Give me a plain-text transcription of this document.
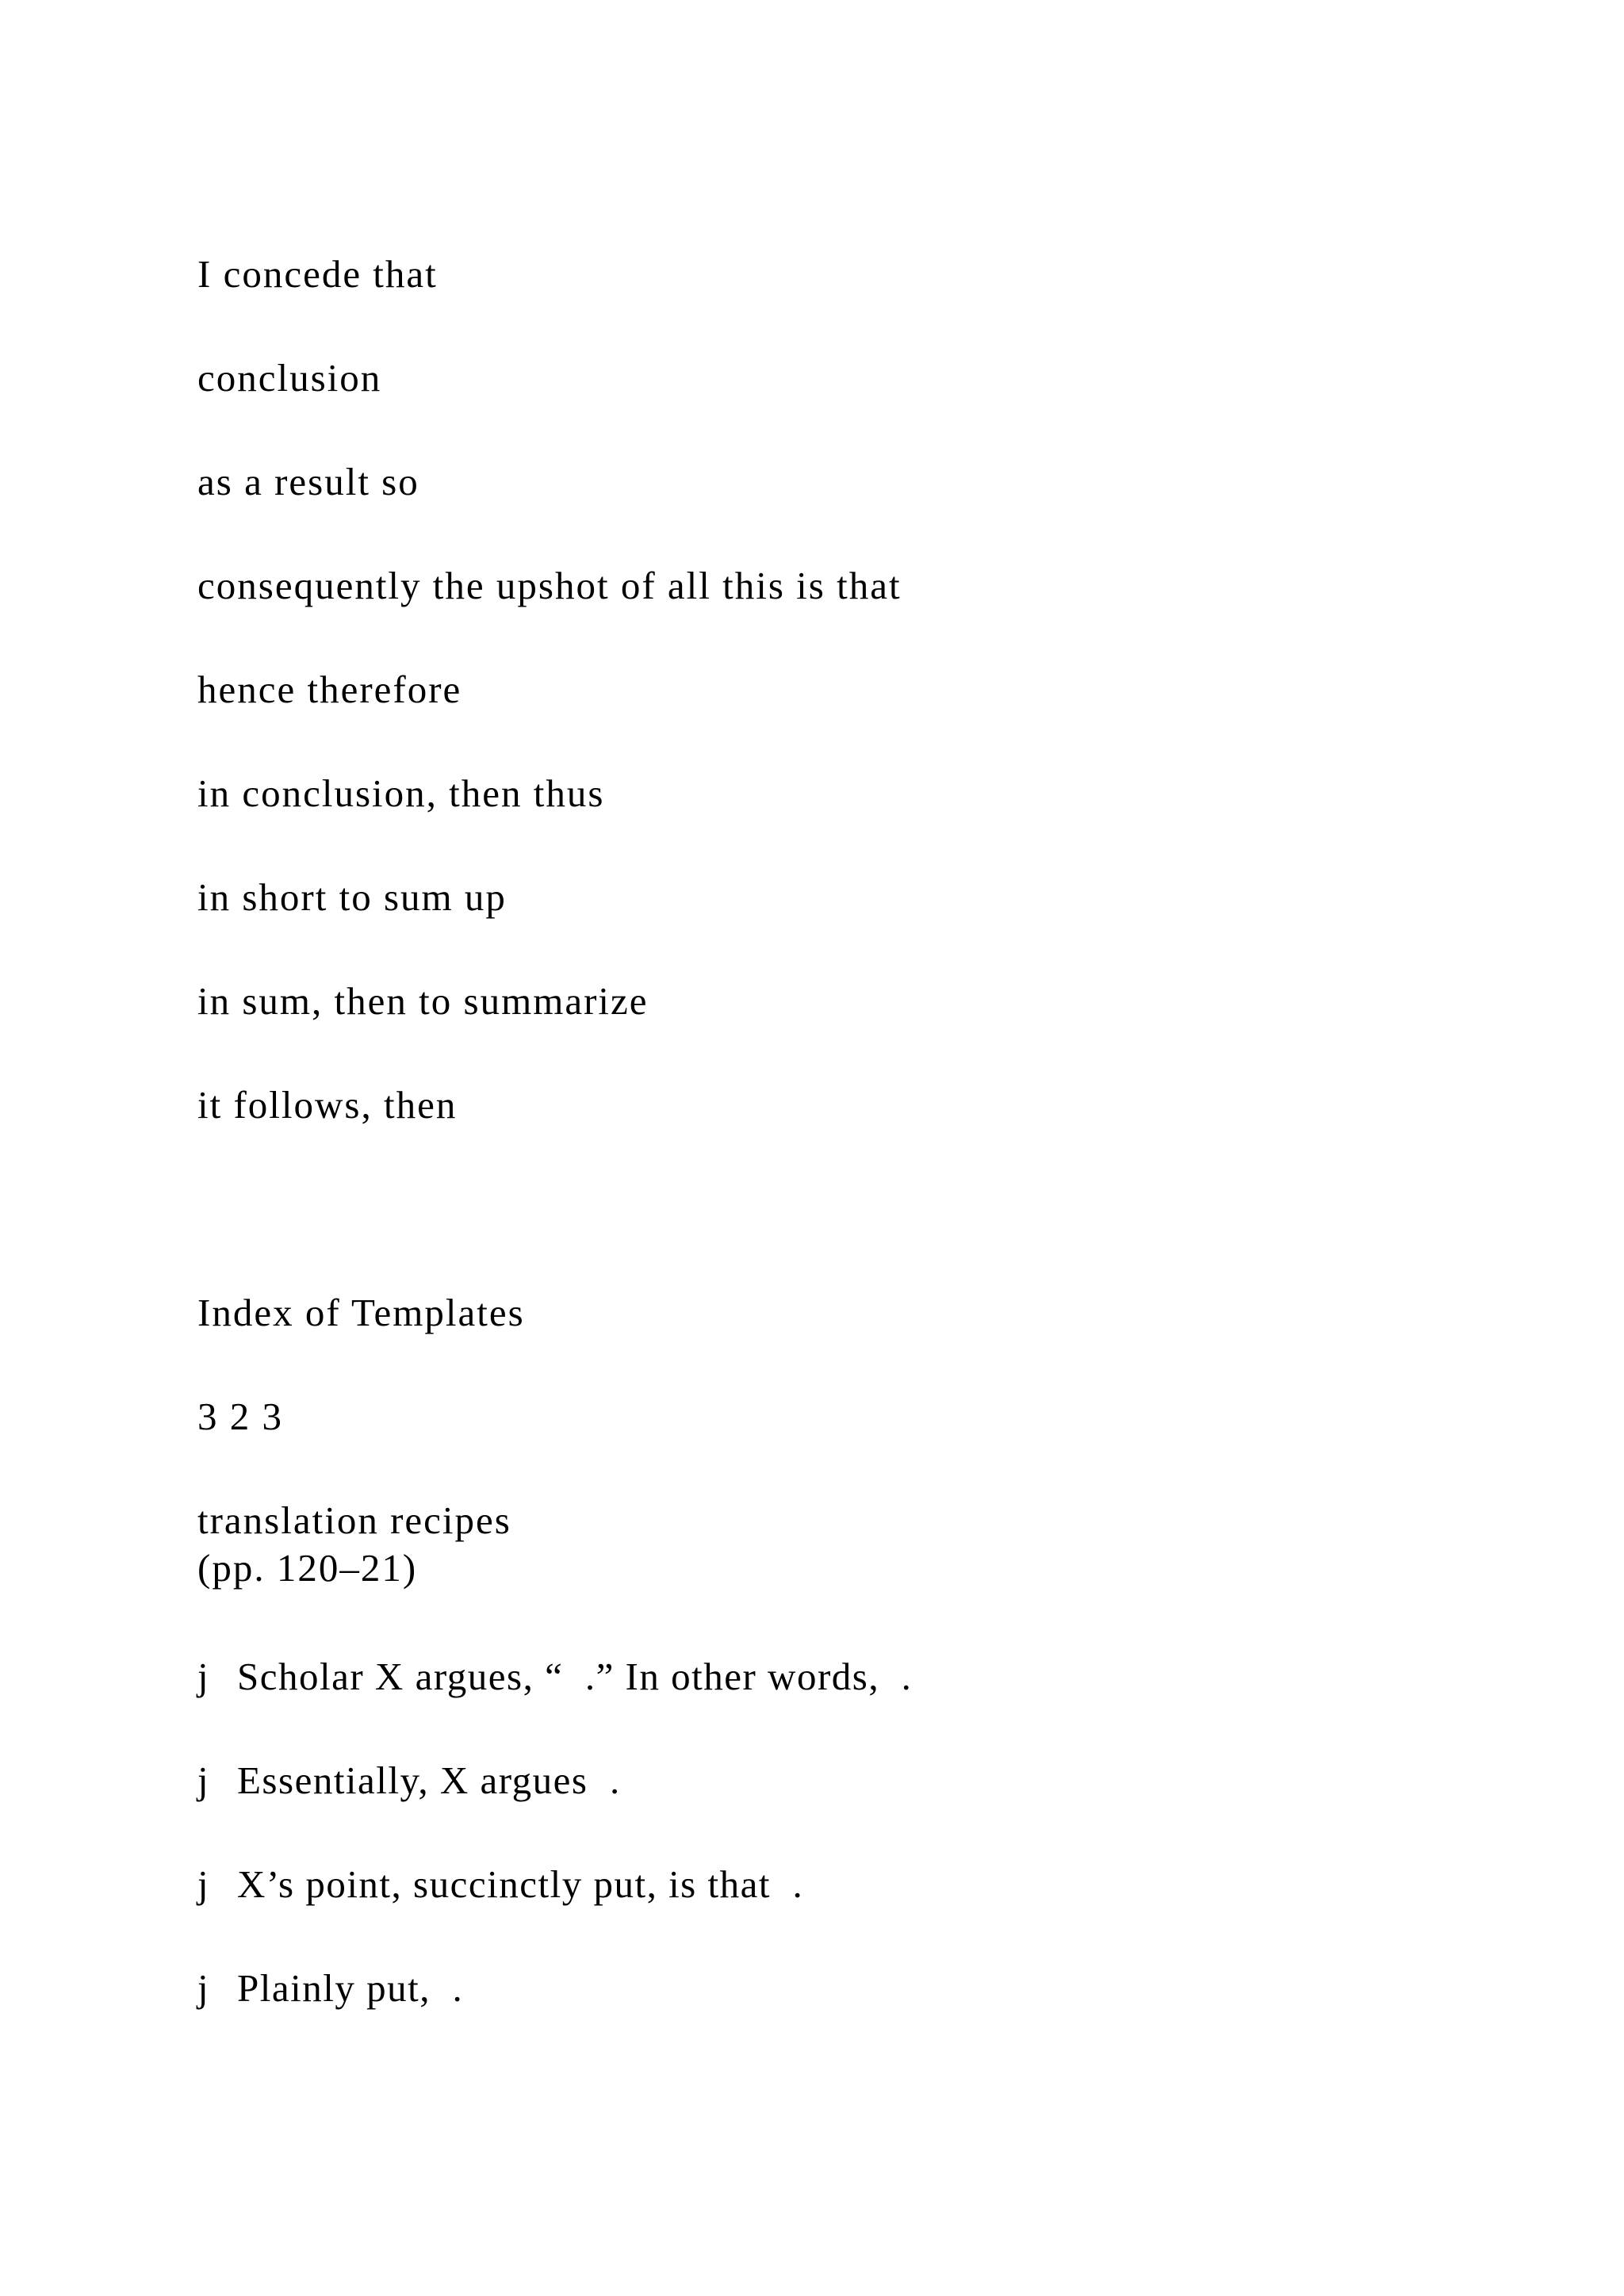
I concede that
conclusion
as a result so
consequently the upshot of all this is that
hence therefore
in conclusion, then thus
in short to sum up
in sum, then to summarize
it follows, then
Index of Templates
3 2 3
translation recipes
(pp. 120–21)
j Scholar X argues, “  .” In other words,  .
j Essentially, X argues  .
j X’s point, succinctly put, is that  .
j Plainly put,  .
